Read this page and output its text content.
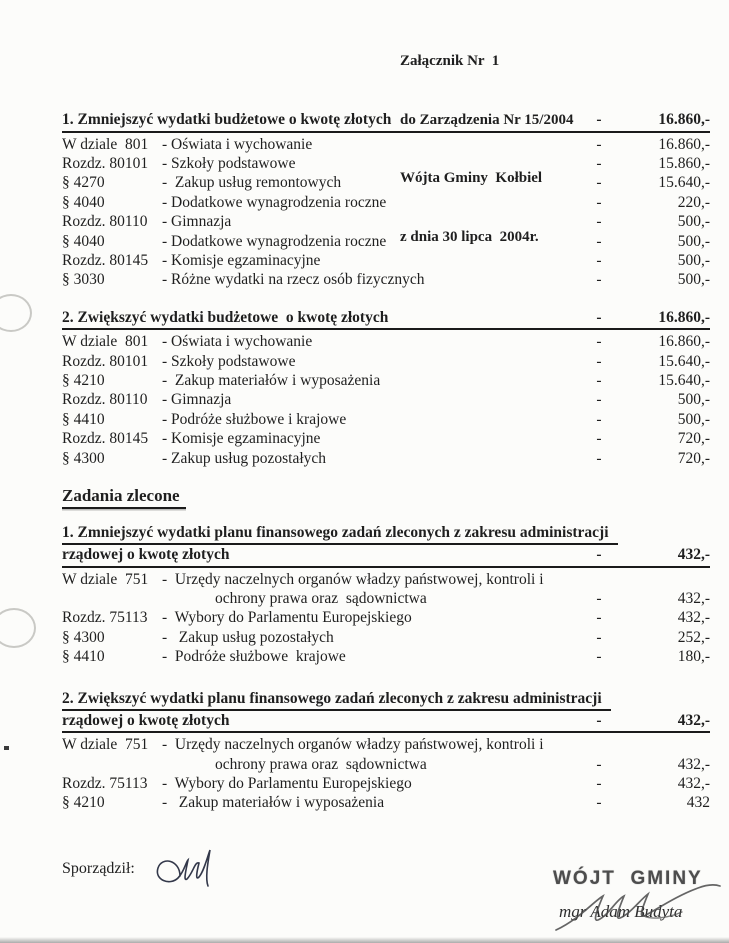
Załącznik Nr  1

do Zarządzenia Nr 15/2004

Wójta Gminy  Kołbiel

z dnia 30 lipca  2004r.

1. Zmniejszyć wydatki budżetowe o kwotę złotych	-	16.860,-
W dziale  801 - Oświata i wychowanie	-	16.860,-
Rozdz. 80101 - Szkoły podstawowe	-	15.860,-
§ 4270	-  Zakup usług remontowych	-	15.640,-
§ 4040	- Dodatkowe wynagrodzenia roczne	-	220,-
Rozdz. 80110 - Gimnazja	-	500,-
§ 4040	- Dodatkowe wynagrodzenia roczne	-	500,-
Rozdz. 80145 - Komisje egzaminacyjne	-	500,-
§ 3030	- Różne wydatki na rzecz osób fizycznych	-	500,-
2. Zwiększyć wydatki budżetowe  o kwotę złotych	-	16.860,-
W dziale  801 - Oświata i wychowanie	-	16.860,-
Rozdz. 80101 - Szkoły podstawowe	-	15.640,-
§ 4210	-  Zakup materiałów i wyposażenia	-	15.640,-
Rozdz. 80110 - Gimnazja	-	500,-
§ 4410	- Podróże służbowe i krajowe	-	500,-
Rozdz. 80145 - Komisje egzaminacyjne	-	720,-
§ 4300	- Zakup usług pozostałych	-	720,-
Zadania zlecone
1. Zmniejszyć wydatki planu finansowego zadań zleconych z zakresu administracji
rządowej o kwotę złotych	-	432,-
W dziale  751 -  Urzędy naczelnych organów władzy państwowej, kontroli i
ochrony prawa oraz  sądownictwa	-	432,-
Rozdz. 75113 -  Wybory do Parlamentu Europejskiego	-	432,-
§ 4300	-   Zakup usług pozostałych	-	252,-
§ 4410	-  Podróże służbowe  krajowe	-	180,-
2. Zwiększyć wydatki planu finansowego zadań zleconych z zakresu administracji
rządowej o kwotę złotych	-	432,-
W dziale  751 -  Urzędy naczelnych organów władzy państwowej, kontroli i
ochrony prawa oraz  sądownictwa	-	432,-
Rozdz. 75113 -  Wybory do Parlamentu Europejskiego	-	432,-
§ 4210	-   Zakup materiałów i wyposażenia	-	432
Sporządził:	WÓJT  GMINY
mgr Adam Budyta
